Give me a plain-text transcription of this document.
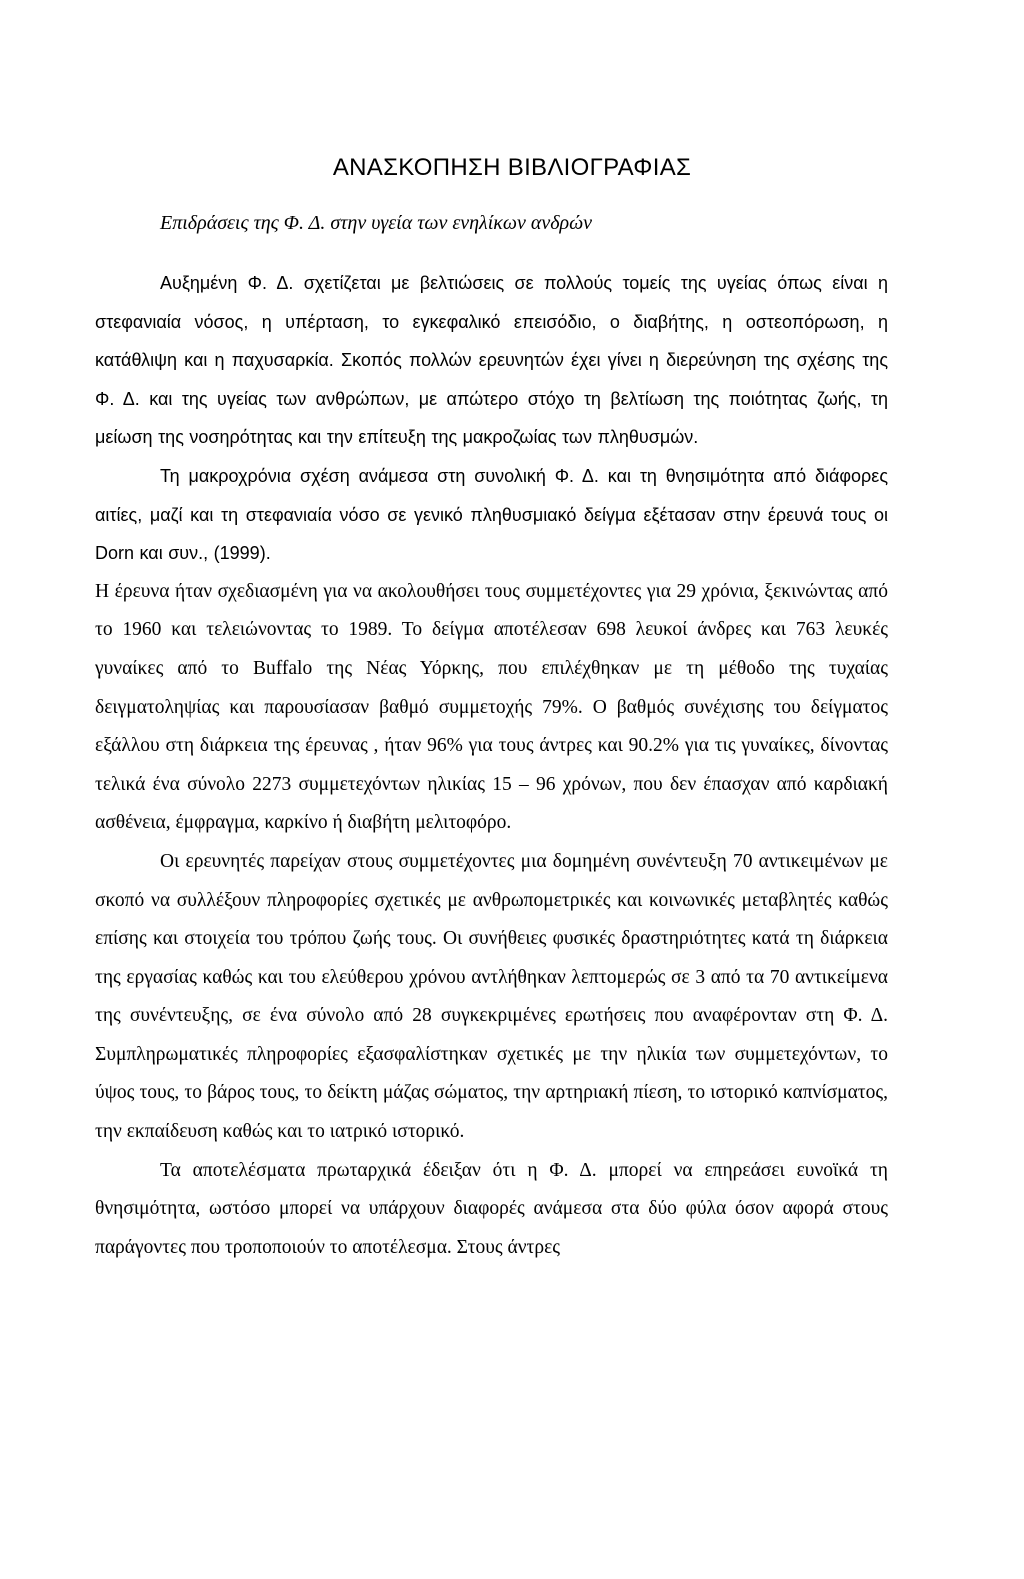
ΑΝΑΣΚΟΠΗΣΗ ΒΙΒΛΙΟΓΡΑΦΙΑΣ
Επιδράσεις της Φ. Δ. στην υγεία των ενηλίκων ανδρών

Αυξημένη Φ. Δ. σχετίζεται με βελτιώσεις σε πολλούς τομείς της υγείας όπως είναι η στεφανιαία νόσος, η υπέρταση, το εγκεφαλικό επεισόδιο, ο διαβήτης, η οστεοπόρωση, η κατάθλιψη και η παχυσαρκία. Σκοπός πολλών ερευνητών έχει γίνει η διερεύνηση της σχέσης της Φ. Δ. και της υγείας των ανθρώπων, με απώτερο στόχο τη βελτίωση της ποιότητας ζωής, τη μείωση της νοσηρότητας και την επίτευξη της μακροζωίας των πληθυσμών.

Τη μακροχρόνια σχέση ανάμεσα στη συνολική Φ. Δ. και τη θνησιμότητα από διάφορες αιτίες, μαζί και τη στεφανιαία νόσο σε γενικό πληθυσμιακό δείγμα εξέτασαν στην έρευνά τους οι Dorn και συν., (1999).

Η έρευνα ήταν σχεδιασμένη για να ακολουθήσει τους συμμετέχοντες για 29 χρόνια, ξεκινώντας από το 1960 και τελειώνοντας το 1989. Το δείγμα αποτέλεσαν 698 λευκοί άνδρες και 763 λευκές γυναίκες από το Buffalo της Νέας Υόρκης, που επιλέχθηκαν με τη μέθοδο της τυχαίας δειγματοληψίας και παρουσίασαν βαθμό συμμετοχής 79%. Ο βαθμός συνέχισης του δείγματος εξάλλου στη διάρκεια της έρευνας , ήταν 96% για τους άντρες και 90.2% για τις γυναίκες, δίνοντας τελικά ένα σύνολο 2273 συμμετεχόντων ηλικίας 15 – 96 χρόνων, που δεν έπασχαν από καρδιακή ασθένεια, έμφραγμα, καρκίνο ή διαβήτη μελιτοφόρο.

Οι ερευνητές παρείχαν στους συμμετέχοντες μια δομημένη συνέντευξη 70 αντικειμένων με σκοπό να συλλέξουν πληροφορίες σχετικές με ανθρωπομετρικές και κοινωνικές μεταβλητές καθώς επίσης και στοιχεία του τρόπου ζωής τους. Οι συνήθειες φυσικές δραστηριότητες κατά τη διάρκεια της εργασίας καθώς και του ελεύθερου χρόνου αντλήθηκαν λεπτομερώς σε 3 από τα 70 αντικείμενα της συνέντευξης, σε ένα σύνολο από 28 συγκεκριμένες ερωτήσεις που αναφέρονταν στη Φ. Δ. Συμπληρωματικές πληροφορίες εξασφαλίστηκαν σχετικές με την ηλικία των συμμετεχόντων, το ύψος τους, το βάρος τους, το δείκτη μάζας σώματος, την αρτηριακή πίεση, το ιστορικό καπνίσματος, την εκπαίδευση καθώς και το ιατρικό ιστορικό.

Τα αποτελέσματα πρωταρχικά έδειξαν ότι η Φ. Δ. μπορεί να επηρεάσει ευνοϊκά τη θνησιμότητα, ωστόσο μπορεί να υπάρχουν διαφορές ανάμεσα στα δύο φύλα όσον αφορά στους παράγοντες που τροποποιούν το αποτέλεσμα. Στους άντρες
